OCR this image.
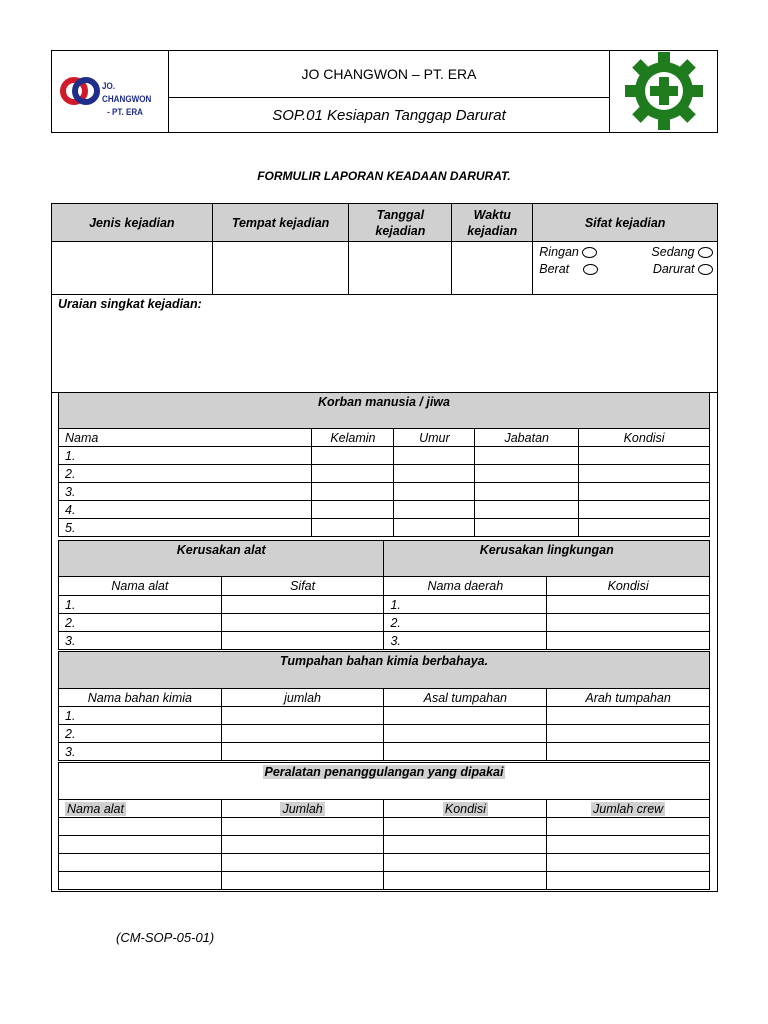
JO. CHANGWON
- PT. ERA
JO CHANGWON – PT. ERA
SOP.01 Kesiapan Tanggap Darurat
FORMULIR LAPORAN KEADAAN DARURAT.
Jenis kejadian	Tempat kejadian	Tanggal kejadian	Waktu kejadian	Sifat kejadian

				Ringan Sedang
Berat Darurat

Uraian singkat kejadian:				
Korban manusia / jiwa				
Nama	Kelamin	Umur	Jabatan	Kondisi
1.				
2.				
3.				
4.				
5.				
Kerusakan alat		Kerusakan lingkungan	
Nama alat	Sifat	Nama daerah	Kondisi
1.		1.	
2.		2.	
3.		3.	
Tumpahan bahan kimia berbahaya.			
Nama bahan kimia	jumlah	Asal tumpahan	Arah tumpahan
1.			
2.			
3.			
Peralatan penanggulangan yang dipakai			
Nama alat	Jumlah	Kondisi	Jumlah crew

(CM-SOP-05-01)
